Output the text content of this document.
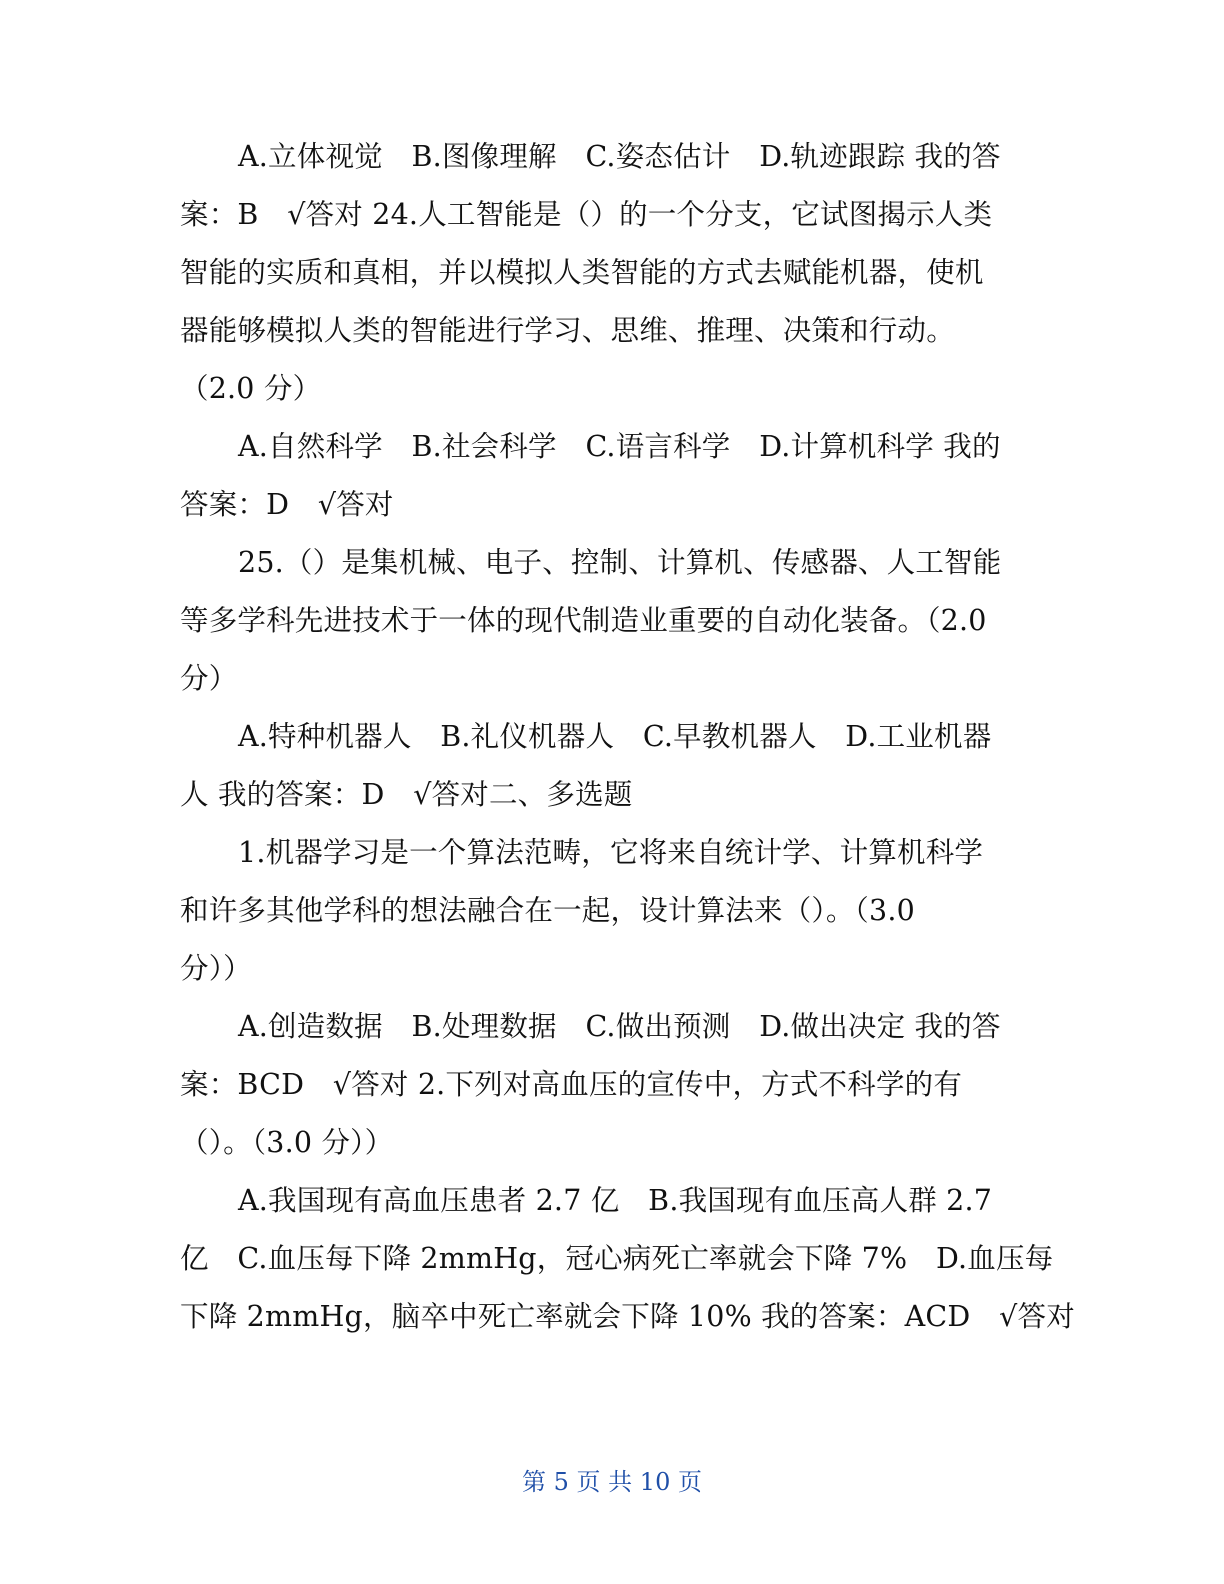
A.立体视觉　B.图像理解　C.姿态估计　D.轨迹跟踪 我的答
案：B　√答对 24.人工智能是（）的一个分支，它试图揭示人类
智能的实质和真相，并以模拟人类智能的方式去赋能机器，使机
器能够模拟人类的智能进行学习、思维、推理、决策和行动。
（2.0 分）
A.自然科学　B.社会科学　C.语言科学　D.计算机科学 我的
答案：D　√答对
25.（）是集机械、电子、控制、计算机、传感器、人工智能
等多学科先进技术于一体的现代制造业重要的自动化装备。（2.0
分）
A.特种机器人　B.礼仪机器人　C.早教机器人　D.工业机器
人 我的答案：D　√答对二、多选题
1.机器学习是一个算法范畴，它将来自统计学、计算机科学
和许多其他学科的想法融合在一起，设计算法来（）。（3.0
分））
A.创造数据　B.处理数据　C.做出预测　D.做出决定 我的答
案：BCD　√答对 2.下列对高血压的宣传中，方式不科学的有
（）。（3.0 分））
A.我国现有高血压患者 2.7 亿　B.我国现有血压高人群 2.7
亿　C.血压每下降 2mmHg，冠心病死亡率就会下降 7%　D.血压每
下降 2mmHg，脑卒中死亡率就会下降 10% 我的答案：ACD　√答对
第 5 页 共 10 页
